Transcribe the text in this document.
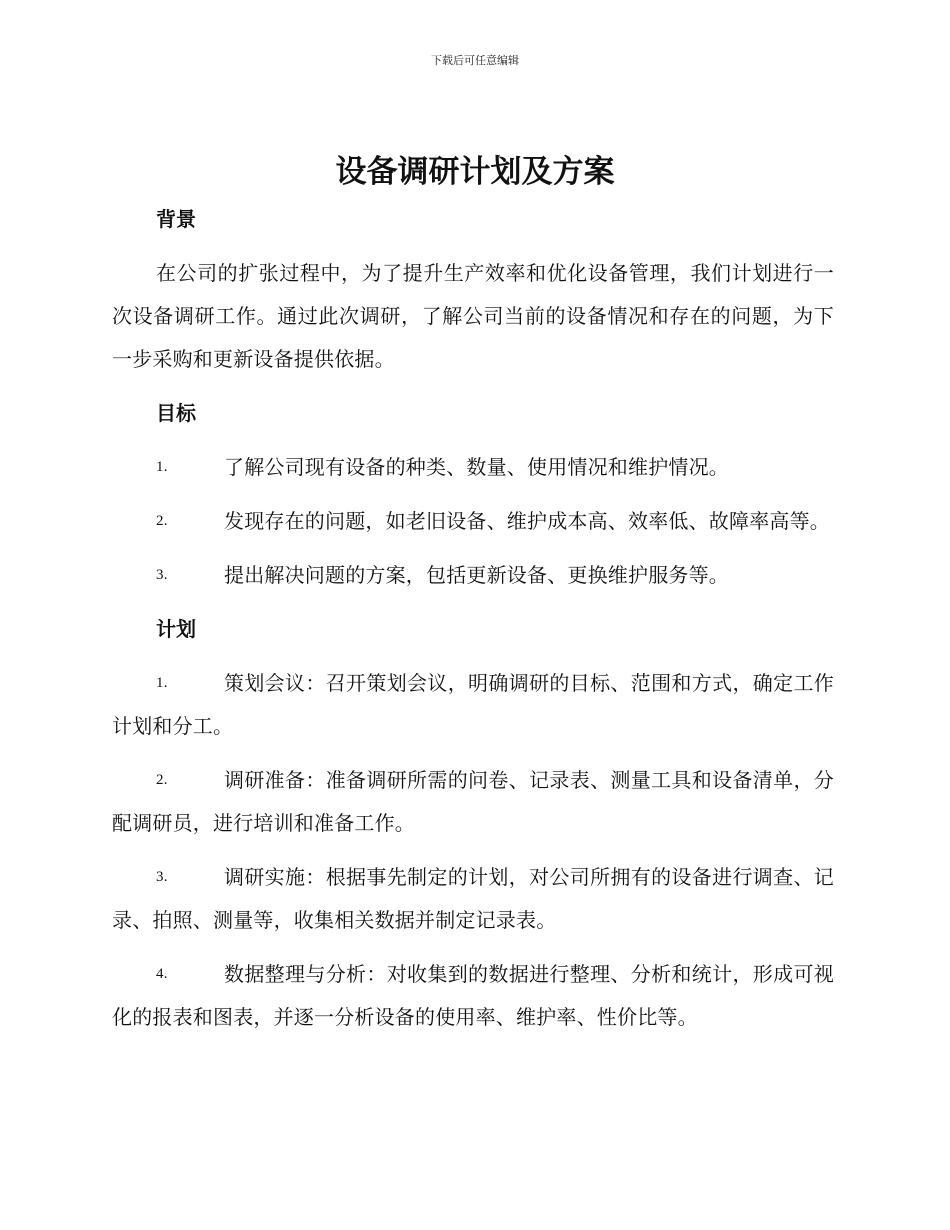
下载后可任意编辑
设备调研计划及方案
背景

在公司的扩张过程中，为了提升生产效率和优化设备管理，我们计划进行一次设备调研工作。通过此次调研，了解公司当前的设备情况和存在的问题，为下一步采购和更新设备提供依据。

目标

1.	了解公司现有设备的种类、数量、使用情况和维护情况。

2.	发现存在的问题，如老旧设备、维护成本高、效率低、故障率高等。

3.	提出解决问题的方案，包括更新设备、更换维护服务等。

计划

1.	策划会议：召开策划会议，明确调研的目标、范围和方式，确定工作计划和分工。

2.	调研准备：准备调研所需的问卷、记录表、测量工具和设备清单，分配调研员，进行培训和准备工作。

3.	调研实施：根据事先制定的计划，对公司所拥有的设备进行调查、记录、拍照、测量等，收集相关数据并制定记录表。

4.	数据整理与分析：对收集到的数据进行整理、分析和统计，形成可视化的报表和图表，并逐一分析设备的使用率、维护率、性价比等。
